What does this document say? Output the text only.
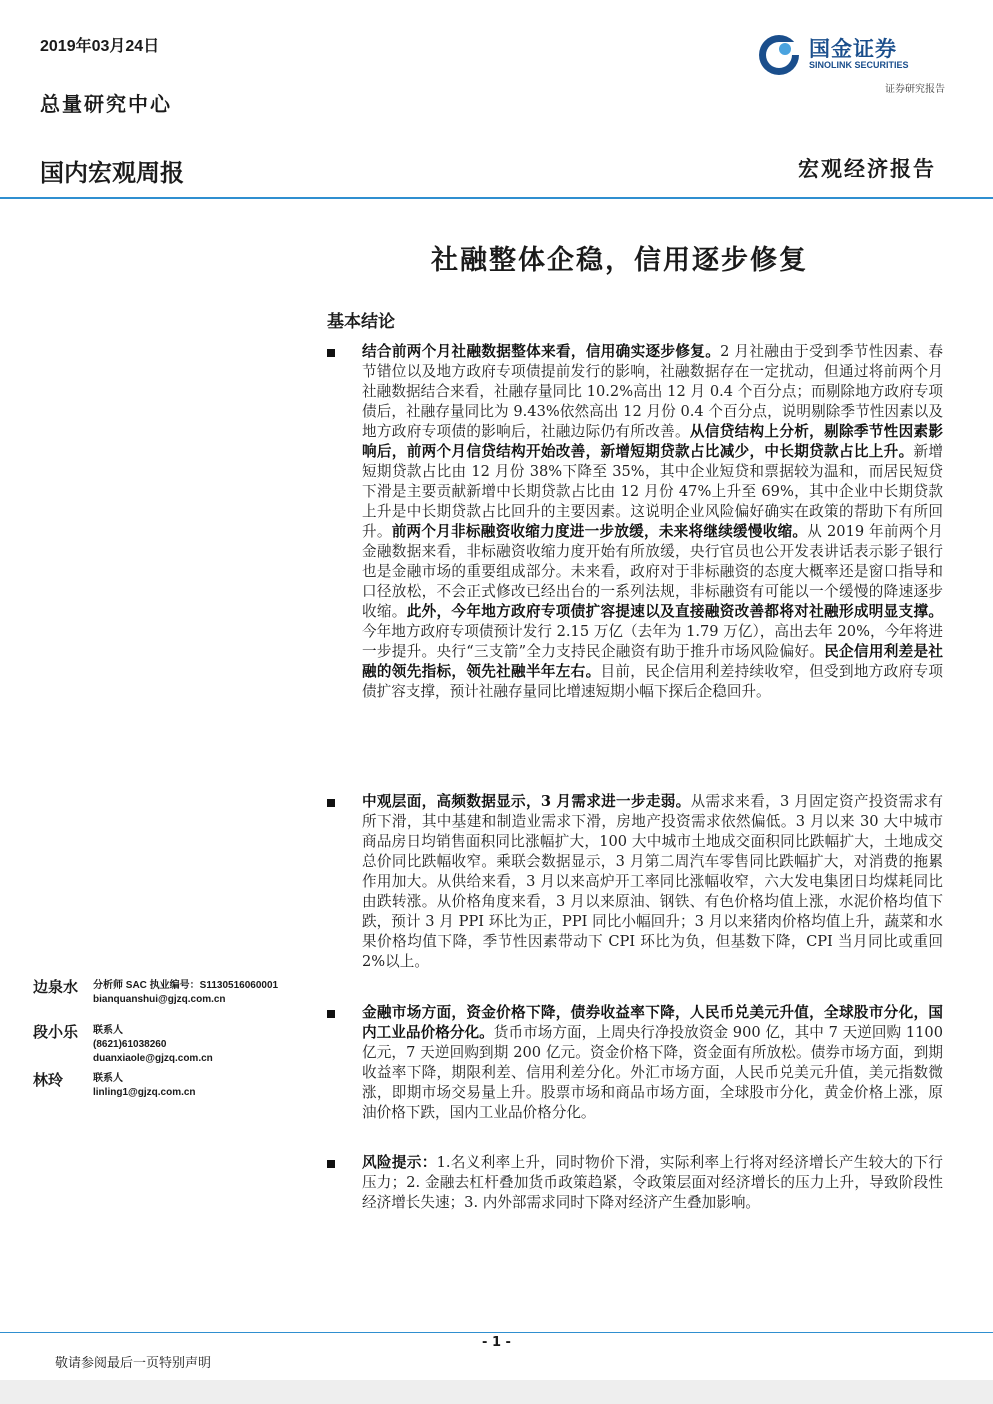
2019年03月24日
总量研究中心
国内宏观周报	宏观经济报告
国金证券
SINOLINK SECURITIES
证券研究报告
社融整体企稳，信用逐步修复
基本结论
结合前两个月社融数据整体来看，信用确实逐步修复。2 月社融由于受到季节性因素、春节错位以及地方政府专项债提前发行的影响，社融数据存在一定扰动，但通过将前两个月社融数据结合来看，社融存量同比 10.2%高出 12 月 0.4 个百分点；而剔除地方政府专项债后，社融存量同比为 9.43%依然高出 12 月份 0.4 个百分点，说明剔除季节性因素以及地方政府专项债的影响后，社融边际仍有所改善。从信贷结构上分析，剔除季节性因素影响后，前两个月信贷结构开始改善，新增短期贷款占比减少，中长期贷款占比上升。新增短期贷款占比由 12 月份 38%下降至 35%，其中企业短贷和票据较为温和，而居民短贷下滑是主要贡献新增中长期贷款占比由 12 月份 47%上升至 69%，其中企业中长期贷款上升是中长期贷款占比回升的主要因素。这说明企业风险偏好确实在政策的帮助下有所回升。前两个月非标融资收缩力度进一步放缓，未来将继续缓慢收缩。从 2019 年前两个月金融数据来看，非标融资收缩力度开始有所放缓，央行官员也公开发表讲话表示影子银行也是金融市场的重要组成部分。未来看，政府对于非标融资的态度大概率还是窗口指导和口径放松，不会正式修改已经出台的一系列法规，非标融资有可能以一个缓慢的降速逐步收缩。此外，今年地方政府专项债扩容提速以及直接融资改善都将对社融形成明显支撑。今年地方政府专项债预计发行 2.15 万亿（去年为 1.79 万亿），高出去年 20%，今年将进一步提升。央行“三支箭”全力支持民企融资有助于推升市场风险偏好。民企信用利差是社融的领先指标，领先社融半年左右。目前，民企信用利差持续收窄，但受到地方政府专项债扩容支撑，预计社融存量同比增速短期小幅下探后企稳回升。
中观层面，高频数据显示，3 月需求进一步走弱。从需求来看，3 月固定资产投资需求有所下滑，其中基建和制造业需求下滑，房地产投资需求依然偏低。3 月以来 30 大中城市商品房日均销售面积同比涨幅扩大，100 大中城市土地成交面积同比跌幅扩大，土地成交总价同比跌幅收窄。乘联会数据显示，3 月第二周汽车零售同比跌幅扩大，对消费的拖累作用加大。从供给来看，3 月以来高炉开工率同比涨幅收窄，六大发电集团日均煤耗同比由跌转涨。从价格角度来看，3 月以来原油、钢铁、有色价格均值上涨，水泥价格均值下跌，预计 3 月 PPI 环比为正，PPI 同比小幅回升；3 月以来猪肉价格均值上升，蔬菜和水果价格均值下降，季节性因素带动下 CPI 环比为负，但基数下降，CPI 当月同比或重回 2%以上。
金融市场方面，资金价格下降，债券收益率下降，人民币兑美元升值，全球股市分化，国内工业品价格分化。货币市场方面，上周央行净投放资金 900 亿，其中 7 天逆回购 1100 亿元，7 天逆回购到期 200 亿元。资金价格下降，资金面有所放松。债券市场方面，到期收益率下降，期限利差、信用利差分化。外汇市场方面，人民币兑美元升值，美元指数微涨，即期市场交易量上升。股票市场和商品市场方面，全球股市分化，黄金价格上涨，原油价格下跌，国内工业品价格分化。
风险提示：1.名义利率上升，同时物价下滑，实际利率上行将对经济增长产生较大的下行压力；2. 金融去杠杆叠加货币政策趋紧，令政策层面对经济增长的压力上升，导致阶段性经济增长失速；3. 内外部需求同时下降对经济产生叠加影响。
边泉水 分析师 SAC 执业编号：S1130516060001
bianquanshui@gjzq.com.cn
段小乐 联系人
(8621)61038260
duanxiaole@gjzq.com.cn
林玲	联系人
linling1@gjzq.com.cn
- 1 -
敬请参阅最后一页特别声明
